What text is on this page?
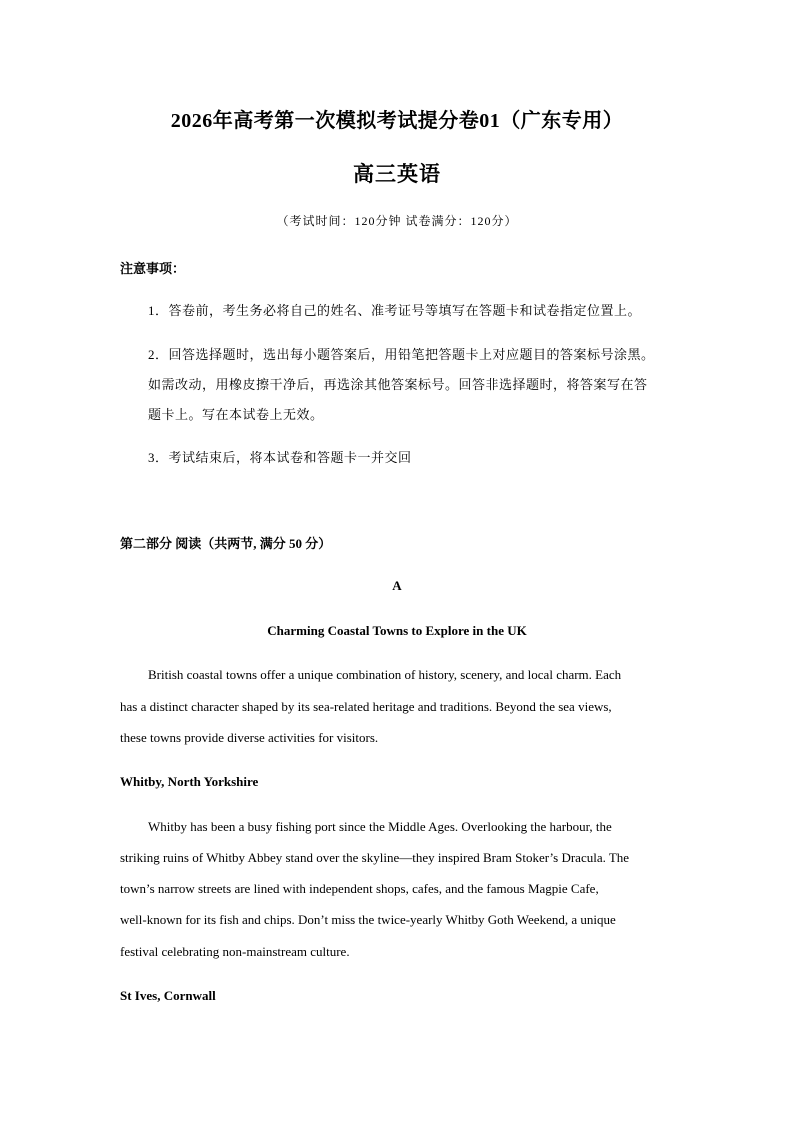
2026年高考第一次模拟考试提分卷01（广东专用）
高三英语
（考试时间：120分钟 试卷满分：120分）
注意事项：
1．答卷前，考生务必将自己的姓名、准考证号等填写在答题卡和试卷指定位置上。
2．回答选择题时，选出每小题答案后，用铅笔把答题卡上对应题目的答案标号涂黑。
如需改动，用橡皮擦干净后，再选涂其他答案标号。回答非选择题时，将答案写在答
题卡上。写在本试卷上无效。
3．考试结束后，将本试卷和答题卡一并交回
第二部分 阅读（共两节, 满分 50 分）
A
Charming Coastal Towns to Explore in the UK
British coastal towns offer a unique combination of history, scenery, and local charm. Each
has a distinct character shaped by its sea-related heritage and traditions. Beyond the sea views,
these towns provide diverse activities for visitors.
Whitby, North Yorkshire
Whitby has been a busy fishing port since the Middle Ages. Overlooking the harbour, the
striking ruins of Whitby Abbey stand over the skyline—they inspired Bram Stoker’s Dracula. The
town’s narrow streets are lined with independent shops, cafes, and the famous Magpie Cafe,
well-known for its fish and chips. Don’t miss the twice-yearly Whitby Goth Weekend, a unique
festival celebrating non-mainstream culture.
St Ives, Cornwall
